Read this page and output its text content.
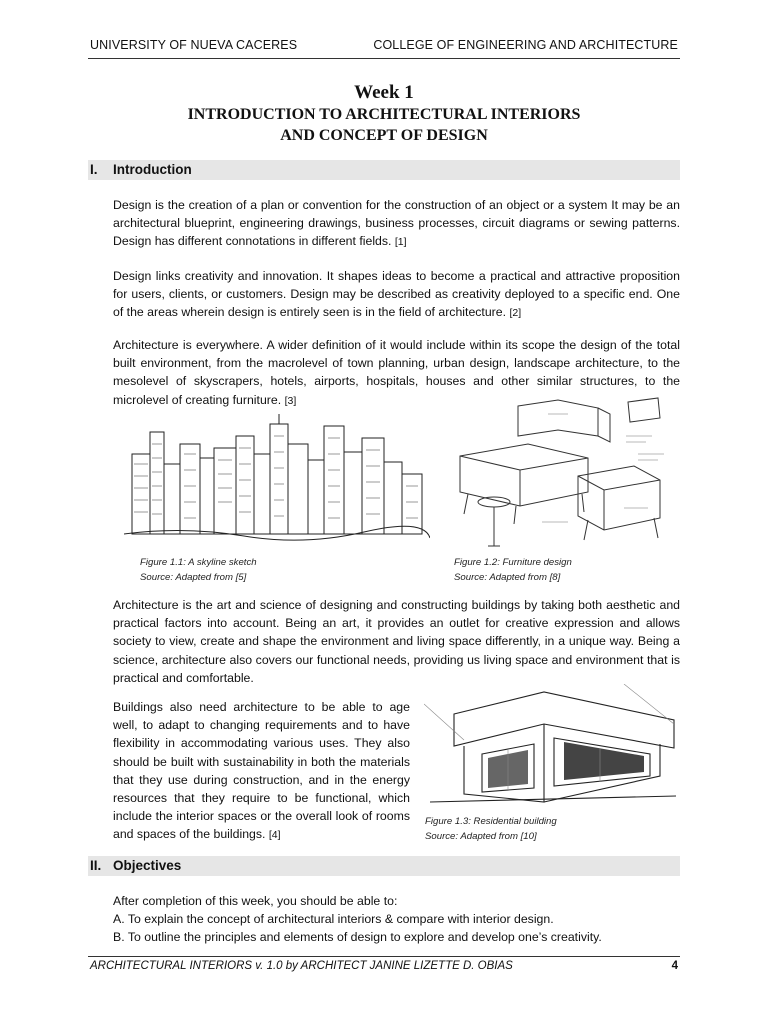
UNIVERSITY OF NUEVA CACERES	COLLEGE OF ENGINEERING AND ARCHITECTURE
Week 1
INTRODUCTION TO ARCHITECTURAL INTERIORS
AND CONCEPT OF DESIGN
I. Introduction
Design is the creation of a plan or convention for the construction of an object or a system It may be an architectural blueprint, engineering drawings, business processes, circuit diagrams or sewing patterns. Design has different connotations in different fields. [1]
Design links creativity and innovation. It shapes ideas to become a practical and attractive proposition for users, clients, or customers. Design may be described as creativity deployed to a specific end. One of the areas wherein design is entirely seen is in the field of architecture. [2]
Architecture is everywhere. A wider definition of it would include within its scope the design of the total built environment, from the macrolevel of town planning, urban design, landscape architecture, to the mesolevel of skyscrapers, hotels, airports, hospitals, houses and other similar structures, to the microlevel of creating furniture. [3]
Figure 1.1: A skyline sketch
Source: Adapted from [5]
Figure 1.2: Furniture design
Source: Adapted from [8]
Architecture is the art and science of designing and constructing buildings by taking both aesthetic and practical factors into account. Being an art, it provides an outlet for creative expression and allows society to view, create and shape the environment and living space differently, in a unique way. Being a science, architecture also covers our functional needs, providing us living space and environment that is practical and comfortable.
Buildings also need architecture to be able to age well, to adapt to changing requirements and to have flexibility in accommodating various uses. They also should be built with sustainability in both the materials that they use during construction, and in the energy resources that they require to be functional, which include the interior spaces or the overall look of rooms and spaces of the buildings. [4]
Figure 1.3: Residential building
Source: Adapted from [10]
II. Objectives
After completion of this week, you should be able to:
A. To explain the concept of architectural interiors & compare with interior design.
B. To outline the principles and elements of design to explore and develop one’s creativity.
ARCHITECTURAL INTERIORS v. 1.0 by ARCHITECT JANINE LIZETTE D. OBIAS	4
